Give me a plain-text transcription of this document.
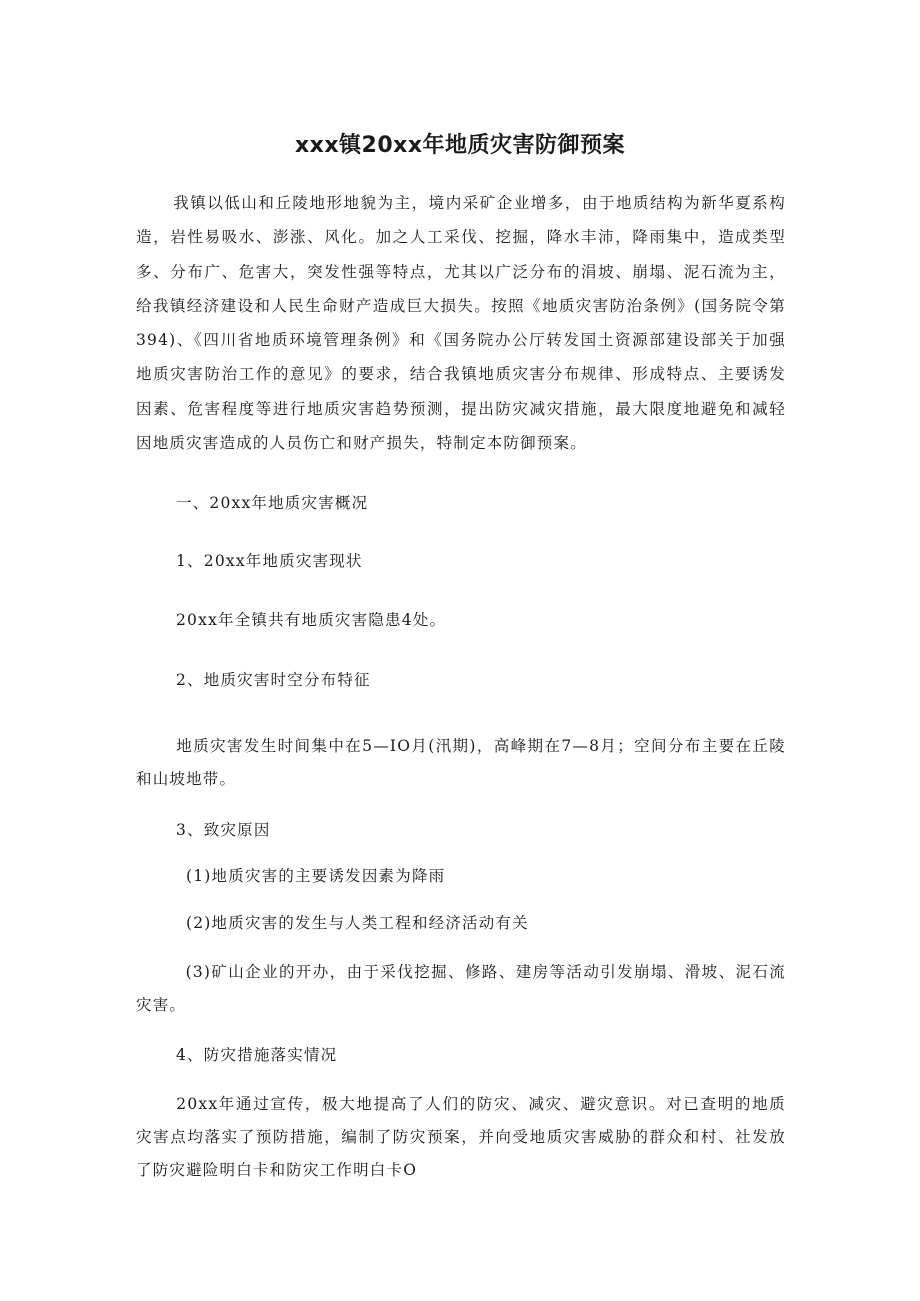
xxx镇20xx年地质灾害防御预案

我镇以低山和丘陵地形地貌为主，境内采矿企业增多，由于地质结构为新华夏系构造，岩性易吸水、澎涨、风化。加之人工采伐、挖掘，降水丰沛，降雨集中，造成类型多、分布广、危害大，突发性强等特点，尤其以广泛分布的涓坡、崩塌、泥石流为主，给我镇经济建设和人民生命财产造成巨大损失。按照《地质灾害防治条例》(国务院令第394)、《四川省地质环境管理条例》和《国务院办公厅转发国土资源部建设部关于加强地质灾害防治工作的意见》的要求，结合我镇地质灾害分布规律、形成特点、主要诱发因素、危害程度等进行地质灾害趋势预测，提出防灾减灾措施，最大限度地避免和减轻因地质灾害造成的人员伤亡和财产损失，特制定本防御预案。

一、20xx年地质灾害概况

1、20xx年地质灾害现状

20xx年全镇共有地质灾害隐患4处。

2、地质灾害时空分布特征

地质灾害发生时间集中在5—IO月(汛期)，高峰期在7—8月；空间分布主要在丘陵和山坡地带。

3、致灾原因

(1)地质灾害的主要诱发因素为降雨

(2)地质灾害的发生与人类工程和经济活动有关

(3)矿山企业的开办，由于采伐挖掘、修路、建房等活动引发崩塌、滑坡、泥石流灾害。

4、防灾措施落实情况

20xx年通过宣传，极大地提高了人们的防灾、减灾、避灾意识。对已查明的地质灾害点均落实了预防措施，编制了防灾预案，并向受地质灾害威胁的群众和村、社发放了防灾避险明白卡和防灾工作明白卡O
